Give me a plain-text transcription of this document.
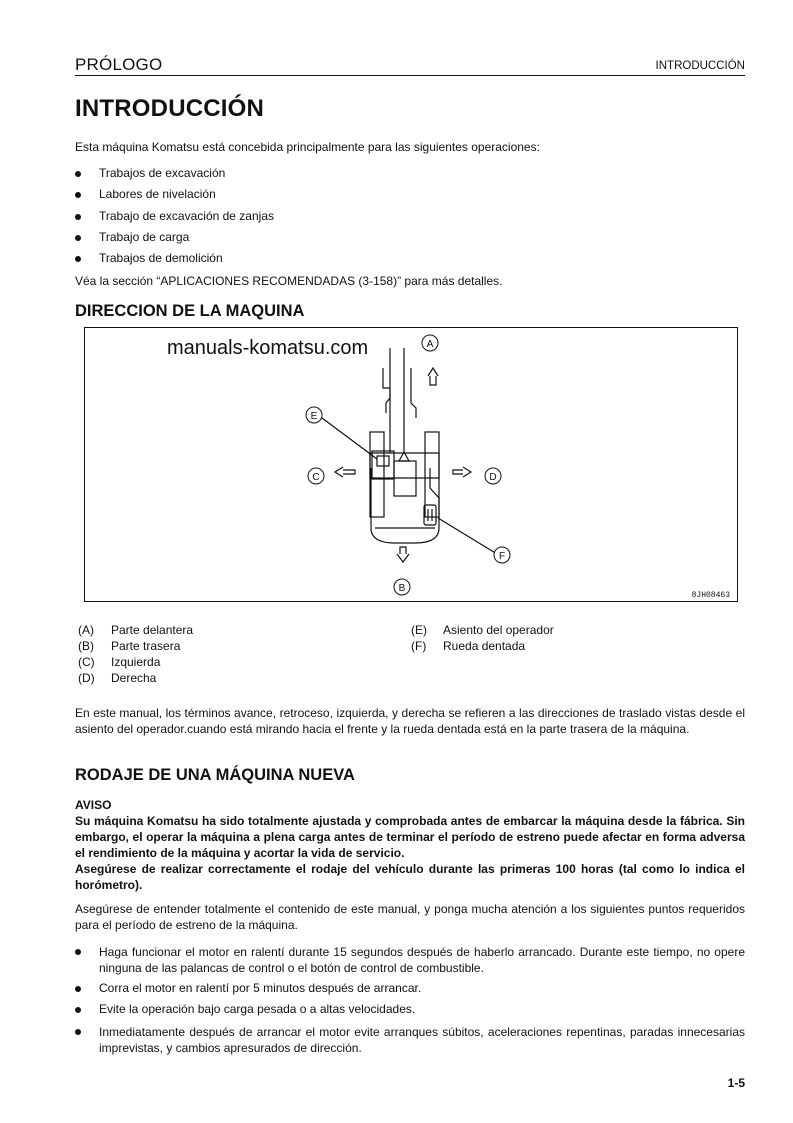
PRÓLOGO	INTRODUCCIÓN
INTRODUCCIÓN
Esta máquina Komatsu está concebida principalmente para las siguientes operaciones:
Trabajos de excavación
Labores de nivelación
Trabajo de excavación de zanjas
Trabajo de carga
Trabajos de demolición
Véa la sección “APLICACIONES RECOMENDADAS (3-158)” para más detalles.
DIRECCION DE LA MAQUINA
A
B
C	D
E
F
manuals-komatsu.com
8JH08463
(A) Parte delantera
(B) Parte trasera
(C) Izquierda
(D) Derecha
(E) Asiento del operador
(F) Rueda dentada
En este manual, los términos avance, retroceso, izquierda, y derecha se refieren a las direcciones de traslado vistas desde el asiento del operador.cuando está mirando hacia el frente y la rueda dentada está en la parte trasera de la máquina.
RODAJE DE UNA MÁQUINA NUEVA
AVISO
Su máquina Komatsu ha sido totalmente ajustada y comprobada antes de embarcar la máquina desde la fábrica. Sin embargo, el operar la máquina a plena carga antes de terminar el período de estreno puede afectar en forma adversa el rendimiento de la máquina y acortar la vida de servicio.
Asegúrese de realizar correctamente el rodaje del vehículo durante las primeras 100 horas (tal como lo indica el horómetro).
Asegúrese de entender totalmente el contenido de este manual, y ponga mucha atención a los siguientes puntos requeridos para el período de estreno de la máquina.
Haga funcionar el motor en ralentí durante 15 segundos después de haberlo arrancado. Durante este tiempo, no opere ninguna de las palancas de control o el botón de control de combustible.
Corra el motor en ralentí por 5 minutos después de arrancar.
Evite la operación bajo carga pesada o a altas velocidades.
Inmediatamente después de arrancar el motor evite arranques súbitos, aceleraciones repentinas, paradas innecesarias imprevistas, y cambios apresurados de dirección.
1-5
